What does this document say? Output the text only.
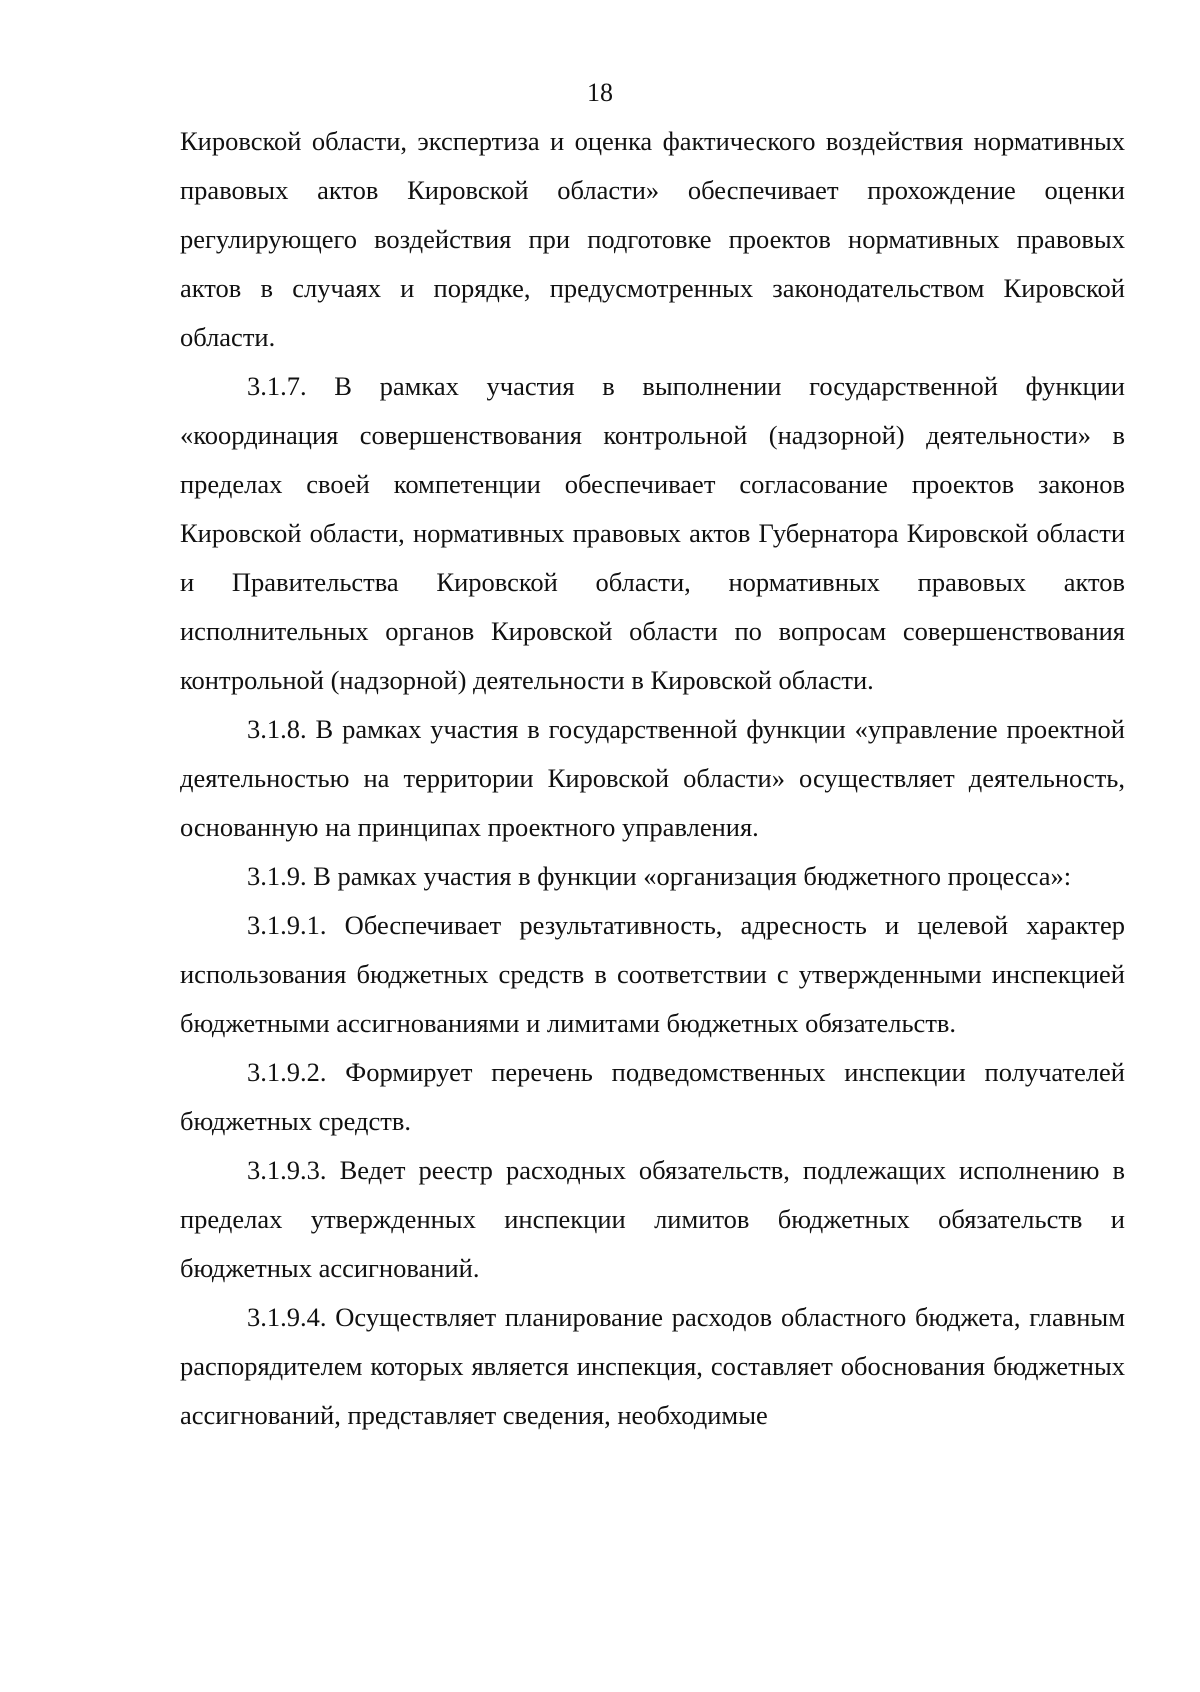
18

Кировской области, экспертиза и оценка фактического воздействия нормативных правовых актов Кировской области» обеспечивает прохождение оценки регулирующего воздействия при подготовке проектов нормативных правовых актов в случаях и порядке, предусмотренных законодательством Кировской области.

3.1.7. В рамках участия в выполнении государственной функции «координация совершенствования контрольной (надзорной) деятельности» в пределах своей компетенции обеспечивает согласование проектов законов Кировской области, нормативных правовых актов Губернатора Кировской области и Правительства Кировской области, нормативных правовых актов исполнительных органов Кировской области по вопросам совершенствования контрольной (надзорной) деятельности в Кировской области.

3.1.8. В рамках участия в государственной функции «управление проектной деятельностью на территории Кировской области» осуществляет деятельность, основанную на принципах проектного управления.

3.1.9. В рамках участия в функции «организация бюджетного процесса»:

3.1.9.1. Обеспечивает результативность, адресность и целевой характер использования бюджетных средств в соответствии с утвержденными инспекцией бюджетными ассигнованиями и лимитами бюджетных обязательств.

3.1.9.2. Формирует перечень подведомственных инспекции получателей бюджетных средств.

3.1.9.3. Ведет реестр расходных обязательств, подлежащих исполнению в пределах утвержденных инспекции лимитов бюджетных обязательств и бюджетных ассигнований.

3.1.9.4. Осуществляет планирование расходов областного бюджета, главным распорядителем которых является инспекция, составляет обоснования бюджетных ассигнований, представляет сведения, необходимые
